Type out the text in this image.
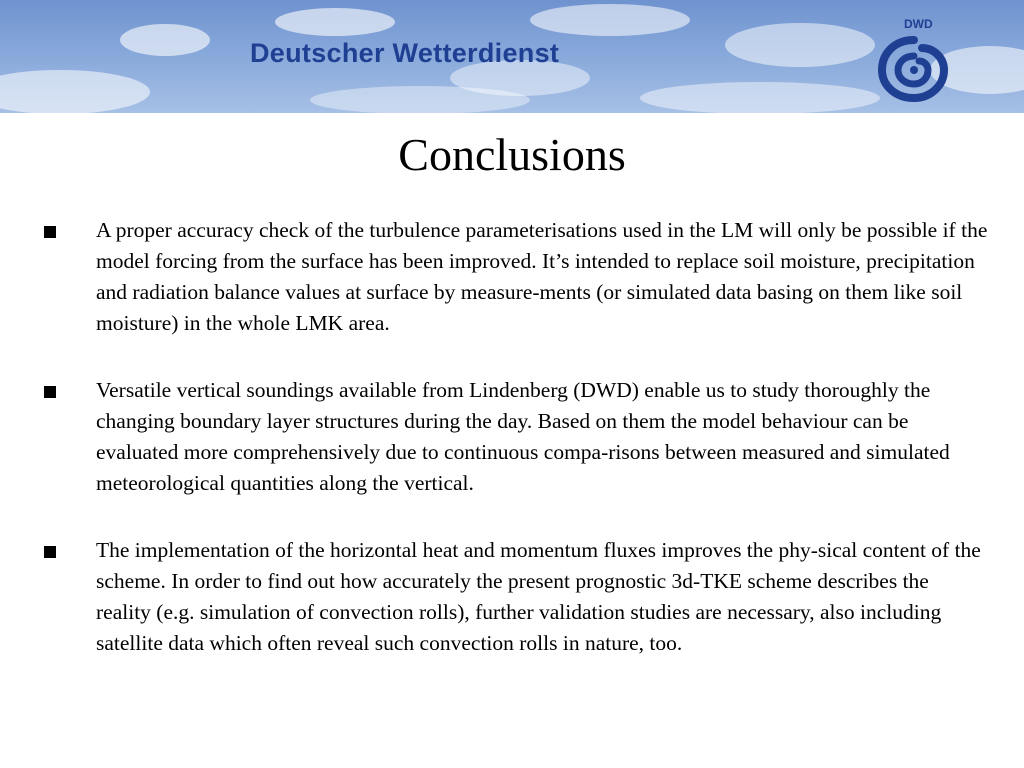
Deutscher Wetterdienst
DWD
Conclusions
A proper accuracy check of the turbulence parameterisations used in the LM will only be possible if the model forcing from the surface has been improved. It’s intended to replace soil moisture, precipitation and radiation balance values at surface by measure-ments (or simulated data basing on them like soil moisture) in the whole LMK area.
Versatile vertical soundings available from Lindenberg (DWD) enable us to study thoroughly the changing boundary layer structures during the day. Based on them the model behaviour can be evaluated more comprehensively due to continuous compa-risons between measured and simulated meteorological quantities along the vertical.
The implementation of the horizontal heat and momentum fluxes improves the phy-sical content of the scheme. In order to find out how accurately the present prognostic 3d-TKE scheme describes the reality (e.g. simulation of convection rolls), further validation studies are necessary, also including satellite data which often reveal such convection rolls in nature, too.
